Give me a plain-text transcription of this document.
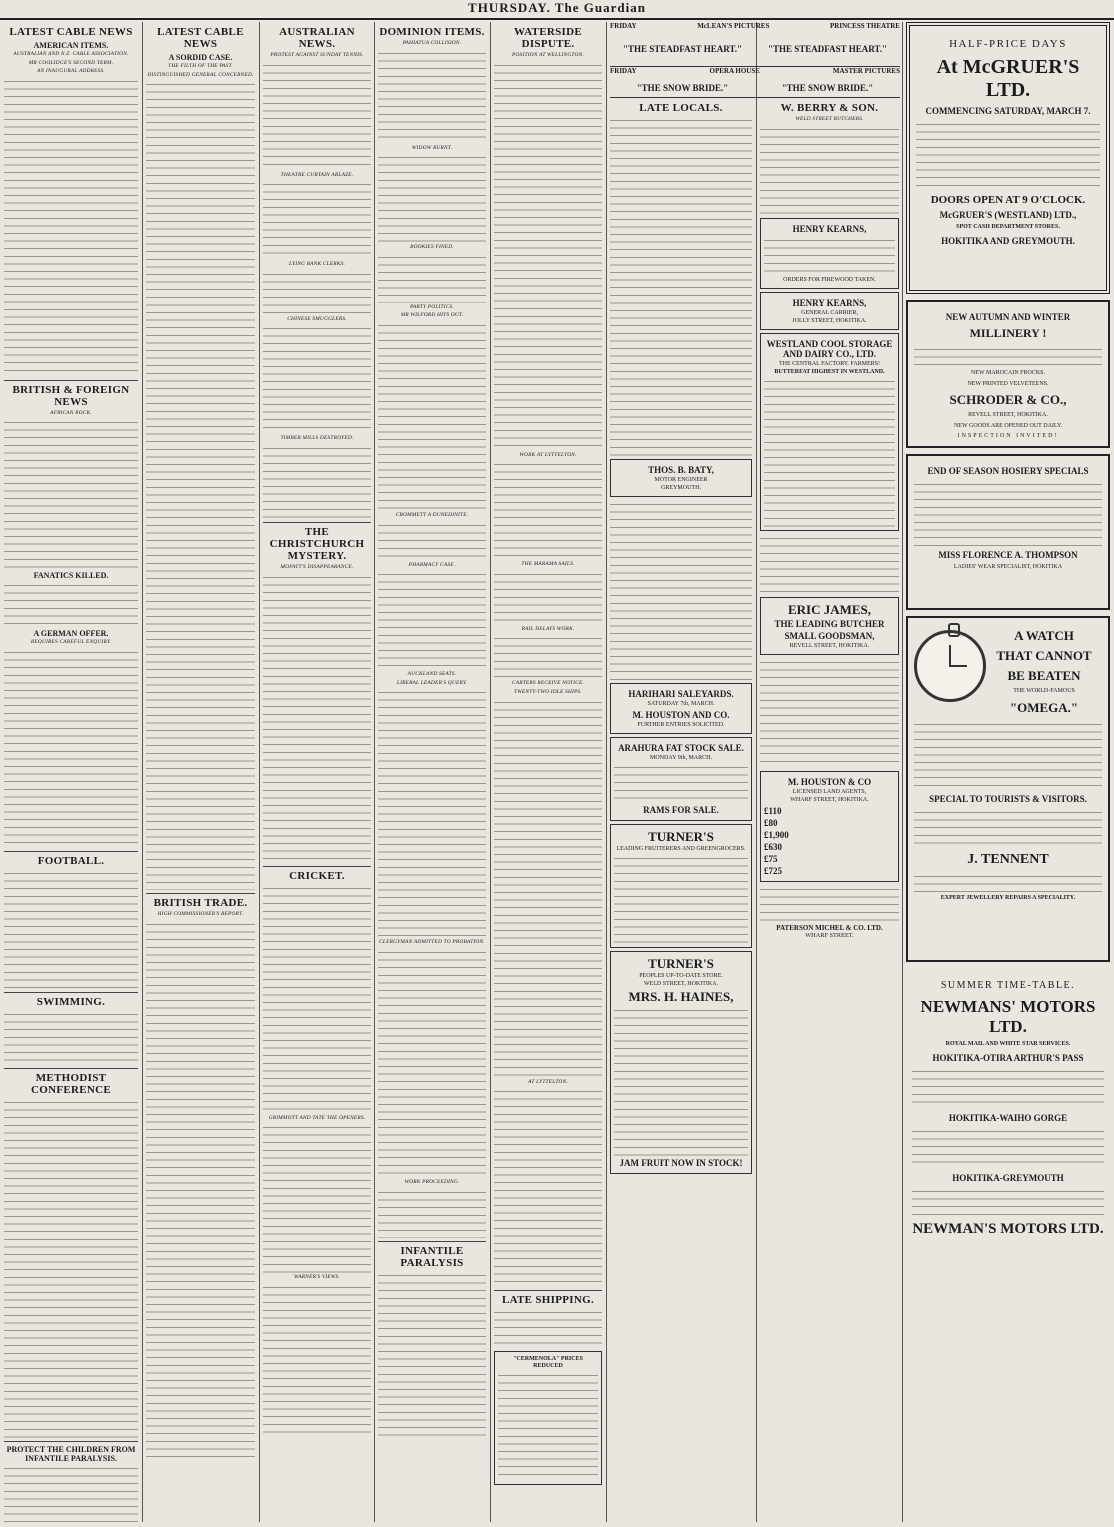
THURSDAY. The Guardian
LATEST CABLE NEWS
AMERICAN ITEMS.
AUSTRALIAN AND N.Z. CABLE ASSOCIATION.
MR COOLIDGE'S SECOND TERM.
AN INAUGURAL ADDRESS.
BRITISH & FOREIGN NEWS
AFRICAN ROCK.
FANATICS KILLED.
A GERMAN OFFER.
REQUIRES CAREFUL ENQUIRY.
FOOTBALL.
SWIMMING.
METHODIST CONFERENCE
PROTECT THE CHILDREN FROM INFANTILE PARALYSIS.
LATEST CABLE NEWS
A SORDID CASE.
THE FILTH OF THE PAST.
DISTINGUISHED GENERAL CONCERNED.
BRITISH TRADE.
HIGH COMMISSIONER'S REPORT.
AUSTRALIAN NEWS.
PROTEST AGAINST SUNDAY TENNIS.
THEATRE CURTAIN ABLAZE.
LYING BANK CLERKS.
CHINESE SMUGGLERS.
TIMBER MILLS DESTROYED.
THE CHRISTCHURCH MYSTERY.
MOFATT'S DISAPPEARANCE.
CRICKET.
GRIMMOTT AND TATE THE OPENERS.
WARNER'S VIEWS.
DOMINION ITEMS.
PAHIATUA COLLISION.
WIDOW BURNT.
BOOKIES FINED.
PARTY POLITICS.
MR WILFORD HITS OUT.
CROMMETT A DUNEDINITE.
PHARMACY CASE.
AUCKLAND SEATS.
LIBERAL LEADER'S QUERY.
CLERGYMAN ADMITTED TO PROBATION.
WORK PROCEEDING.
INFANTILE PARALYSIS
WATERSIDE DISPUTE.
POSITION AT WELLINGTON.
WORK AT LYTTELTON.
THE MARAMA SAILS.
RAIL DELAYS WORK.
CARTERS RECEIVE NOTICE.
TWENTY-TWO IDLE SHIPS.
AT LYTTELTON.
LATE SHIPPING.
"CERMENOLA" PRICES REDUCED
FRIDAY	McLEAN'S PICTURES	PRINCESS THEATRE
"THE STEADFAST HEART."	"THE STEADFAST HEART."
FRIDAY	OPERA HOUSE	MASTER PICTURES
"THE SNOW BRIDE."	"THE SNOW BRIDE."
LATE LOCALS.
THOS. B. BATY,
MOTOR ENGINEER
GREYMOUTH.
HARIHARI SALEYARDS.
SATURDAY 7th, MARCH.
M. HOUSTON AND CO.
FURTHER ENTRIES SOLICITED.
ARAHURA FAT STOCK SALE.
MONDAY 9th, MARCH.
RAMS FOR SALE.
TURNER'S
LEADING FRUITERERS AND GREENGROCERS.
TURNER'S
PEOPLES UP-TO-DATE STORE.
WELD STREET, HOKITIKA.
MRS. H. HAINES,
JAM FRUIT NOW IN STOCK!
W. BERRY & SON.
WELD STREET BUTCHERS.
HENRY KEARNS,
ORDERS FOR FIREWOOD TAKEN.
HENRY KEARNS,
GENERAL CARRIER,
JOLLY STREET, HOKITIKA.
WESTLAND COOL STORAGE AND DAIRY CO., LTD.
THE CENTRAL FACTORY. FARMERS!
BUTTERFAT HIGHEST IN WESTLAND.
ERIC JAMES,
THE LEADING BUTCHER
SMALL GOODSMAN,
REVELL STREET, HOKITIKA.
M. HOUSTON & CO
LICENSED LAND AGENTS,
WHARF STREET, HOKITIKA.
£110
£80
£1,900
£630
£75
£725
PATERSON MICHEL & CO. LTD.
WHARF STREET.
HALF-PRICE DAYS
At McGRUER'S LTD.
COMMENCING SATURDAY, MARCH 7.
DOORS OPEN AT 9 O'CLOCK.
McGRUER'S (WESTLAND) LTD.,
SPOT CASH DEPARTMENT STORES.
HOKITIKA AND GREYMOUTH.
NEW AUTUMN AND WINTER
MILLINERY !
NEW MAROCAIN FROCKS.
NEW PRINTED VELVETEENS.
SCHRODER & CO.,
REVELL STREET, HOKITIKA.
NEW GOODS ARE OPENED OUT DAILY.
INSPECTION INVITED!
END OF SEASON HOSIERY SPECIALS
MISS FLORENCE A. THOMPSON
LADIES' WEAR SPECIALIST, HOKITIKA
A WATCH
THAT CANNOT
BE BEATEN
THE WORLD-FAMOUS
"OMEGA."
SPECIAL TO TOURISTS & VISITORS.
J. TENNENT
EXPERT JEWELLERY REPAIRS A SPECIALITY.
SUMMER TIME-TABLE.
NEWMANS' MOTORS LTD.
ROYAL MAIL AND WHITE STAR SERVICES.
HOKITIKA-OTIRA ARTHUR'S PASS
HOKITIKA-WAIHO GORGE
HOKITIKA-GREYMOUTH
NEWMAN'S MOTORS LTD.
